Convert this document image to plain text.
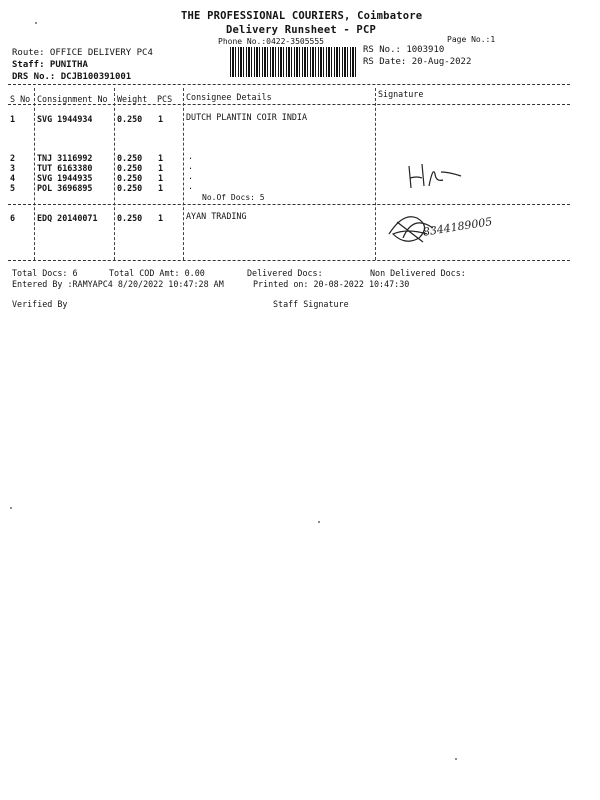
THE PROFESSIONAL COURIERS, Coimbatore
Delivery Runsheet - PCP
Phone No.:0422-3505555	Page No.:1
Route: OFFICE DELIVERY PC4
Staff: PUNITHA
DRS No.: DCJB100391001
RS No.: 1003910
RS Date: 20-Aug-2022
S No Consignment No Weight PCS Consignee Details	Signature
1	SVG 1944934	0.250 1	DUTCH PLANTIN COIR INDIA
2	TNJ 3116992	0.250 1	.
3	TUT 6163380	0.250 1	.
4	SVG 1944935	0.250 1	.
5	POL 3696895	0.250 1	.
No.Of Docs: 5
6	EDQ 20140071 0.250 1	AYAN TRADING	8344189005
Total Docs: 6	Total COD Amt: 0.00	Delivered Docs:	Non Delivered Docs:
Entered By :RAMYAPC4 8/20/2022 10:47:28 AM	Printed on: 20-08-2022 10:47:30
Verified By	Staff Signature
